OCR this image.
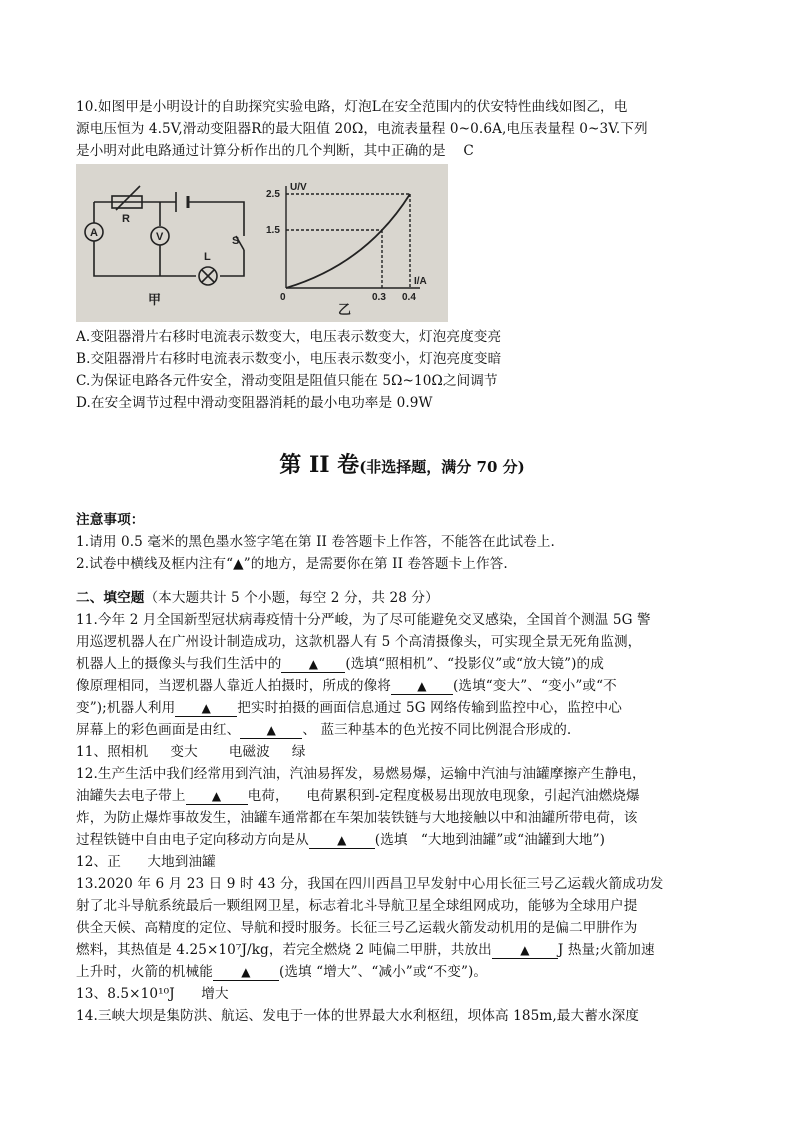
10.如图甲是小明设计的自助探究实验电路，灯泡L在安全范围内的伏安特性曲线如图乙，电
源电压恒为 4.5V,滑动变阻器R的最大阻值 20Ω，电流表量程 0~0.6A,电压表量程 0~3V.下列
是小明对此电路通过计算分析作出的几个判断，其中正确的是 C
A	V
R
L
S
甲
U/V
2.5
1.5
0	0.3 0.4
I/A
乙
A.变阻器滑片右移时电流表示数变大，电压表示数变大，灯泡亮度变亮
B.交阻器滑片右移时电流表示数变小，电压表示数变小，灯泡亮度变暗
C.为保证电路各元件安全，滑动变阻是阻值只能在 5Ω~10Ω之间调节
D.在安全调节过程中滑动变阻器消耗的最小电功率是 0.9W
第 II 卷(非选择题，满分 70 分)
注意事项：
1.请用 0.5 毫米的黑色墨水签字笔在第 II 卷答题卡上作答，不能答在此试卷上.
2.试卷中横线及框内注有“▲”的地方，是需要你在第 II 卷答题卡上作答.
二、填空题（本大题共计 5 个小题，每空 2 分，共 28 分）
11.今年 2 月全国新型冠状病毒疫情十分严峻，为了尽可能避免交叉感染，全国首个测温 5G 警
用巡逻机器人在广州设计制造成功，这款机器人有 5 个高清摄像头，可实现全景无死角监测，
机器人上的摄像头与我们生活中的 ▲ (选填“照相机”、“投影仪”或“放大镜”)的成
像原理相同，当逻机器人靠近人拍摄时，所成的像将 ▲ (选填“变大”、“变小”或“不
变”);机器人利用 ▲ 把实时拍摄的画面信息通过 5G 网络传输到监控中心，监控中心
屏幕上的彩色画面是由红、 ▲ 、 蓝三种基本的色光按不同比例混合形成的.
11、照相机     变大       电磁波     绿
12.生产生活中我们经常用到汽油，汽油易挥发，易燃易爆，运输中汽油与油罐摩擦产生静电，
油罐失去电子带上 ▲ 电荷，    电荷累积到-定程度极易出现放电现象，引起汽油燃烧爆
炸，为防止爆炸事故发生，油罐车通常都在车架加装铁链与大地接触以中和油罐所带电荷，该
过程铁链中自由电子定向移动方向是从 ▲ (选填   “大地到油罐”或“油罐到大地”)
12、正      大地到油罐
13.2020 年 6 月 23 日 9 时 43 分，我国在四川西昌卫早发射中心用长征三号乙运载火箭成功发
射了北斗导航系统最后一颗组网卫星，标志着北斗导航卫星全球组网成功，能够为全球用户提
供全天候、高精度的定位、导航和授时服务。长征三号乙运载火箭发动机用的是偏二甲肼作为
燃料，其热值是 4.25×10⁷J/kg，若完全燃烧 2 吨偏二甲肼，共放出 ▲ J 热量;火箭加速
上升时，火箭的机械能 ▲ (选填 “增大”、“减小”或“不变”)。
13、8.5×10¹⁰J      增大
14.三峡大坝是集防洪、航运、发电于一体的世界最大水利枢纽，坝体高 185m,最大蓄水深度
